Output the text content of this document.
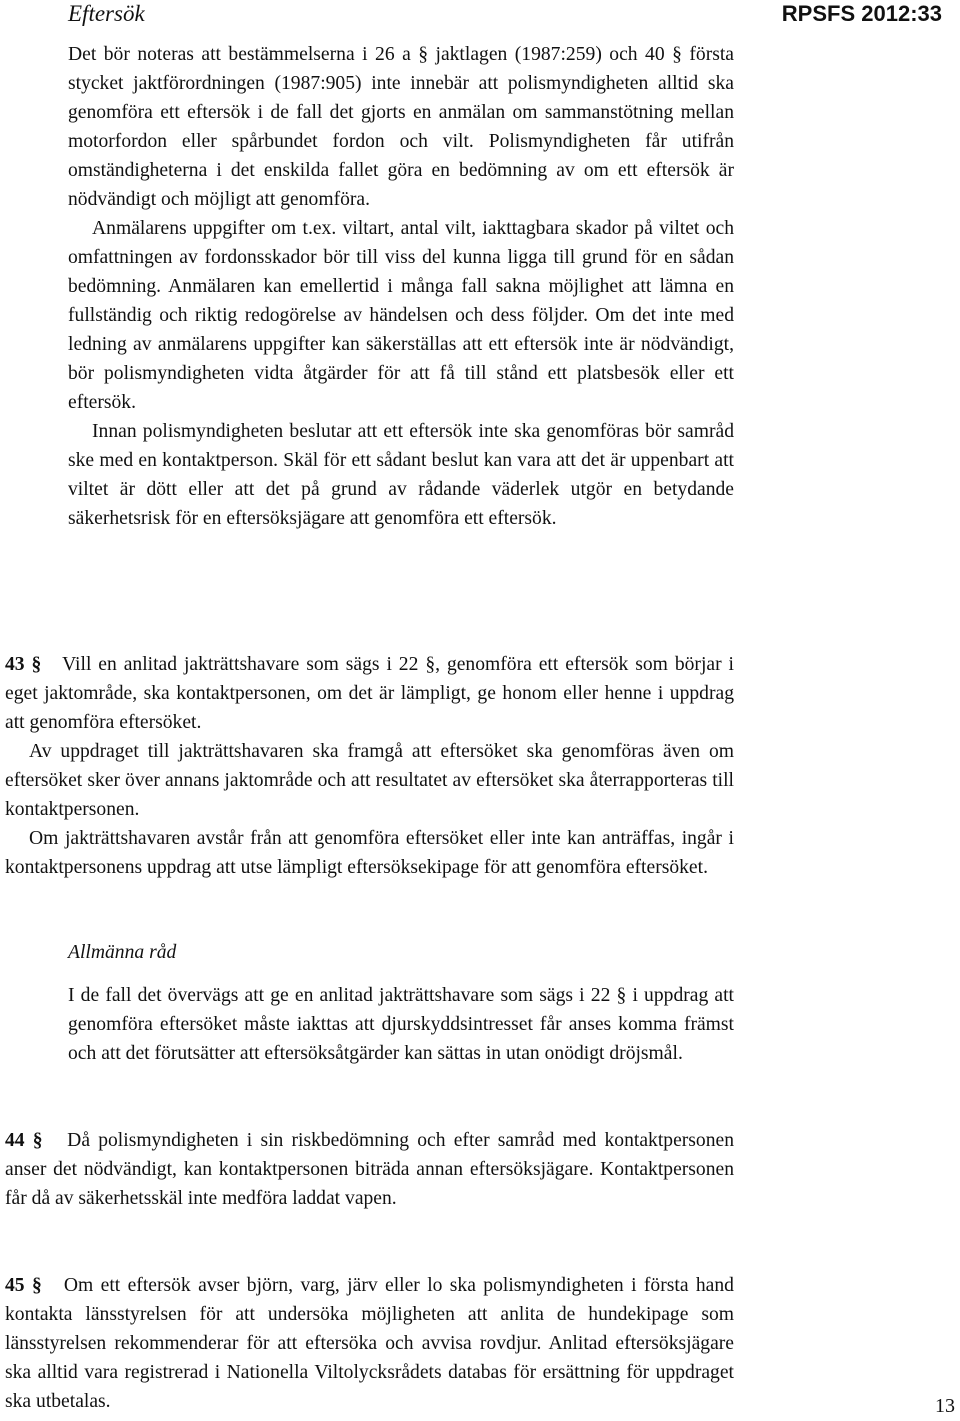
Eftersök	RPSFS 2012:33

Det bör noteras att bestämmelserna i 26 a § jaktlagen (1987:259) och 40 § första stycket jaktförordningen (1987:905) inte innebär att polismyndigheten alltid ska genomföra ett eftersök i de fall det gjorts en anmälan om sammanstötning mellan motorfordon eller spårbundet fordon och vilt. Polismyndigheten får utifrån omständigheterna i det enskilda fallet göra en bedömning av om ett eftersök är nödvändigt och möjligt att genomföra.

Anmälarens uppgifter om t.ex. viltart, antal vilt, iakttagbara skador på viltet och omfattningen av fordonsskador bör till viss del kunna ligga till grund för en sådan bedömning. Anmälaren kan emellertid i många fall sakna möjlighet att lämna en fullständig och riktig redogörelse av händelsen och dess följder. Om det inte med ledning av anmälarens uppgifter kan säkerställas att ett eftersök inte är nödvändigt, bör polismyndigheten vidta åtgärder för att få till stånd ett platsbesök eller ett eftersök.

Innan polismyndigheten beslutar att ett eftersök inte ska genomföras bör samråd ske med en kontaktperson. Skäl för ett sådant beslut kan vara att det är uppenbart att viltet är dött eller att det på grund av rådande väderlek utgör en betydande säkerhetsrisk för en eftersöksjägare att genomföra ett eftersök.

43 § Vill en anlitad jakträttshavare som sägs i 22 §, genomföra ett eftersök som börjar i eget jaktområde, ska kontaktpersonen, om det är lämpligt, ge honom eller henne i uppdrag att genomföra eftersöket.

Av uppdraget till jakträttshavaren ska framgå att eftersöket ska genomföras även om eftersöket sker över annans jaktområde och att resultatet av eftersöket ska återrapporteras till kontaktpersonen.

Om jakträttshavaren avstår från att genomföra eftersöket eller inte kan anträffas, ingår i kontaktpersonens uppdrag att utse lämpligt eftersöksekipage för att genomföra eftersöket.

Allmänna råd

I de fall det övervägs att ge en anlitad jakträttshavare som sägs i 22 § i uppdrag att genomföra eftersöket måste iakttas att djurskyddsintresset får anses komma främst och att det förutsätter att eftersöksåtgärder kan sättas in utan onödigt dröjsmål.

44 § Då polismyndigheten i sin riskbedömning och efter samråd med kontaktpersonen anser det nödvändigt, kan kontaktpersonen biträda annan eftersöksjägare. Kontaktpersonen får då av säkerhetsskäl inte medföra laddat vapen.

45 § Om ett eftersök avser björn, varg, järv eller lo ska polismyndigheten i första hand kontakta länsstyrelsen för att undersöka möjligheten att anlita de hundekipage som länsstyrelsen rekommenderar för att eftersöka och avvisa rovdjur. Anlitad eftersöksjägare ska alltid vara registrerad i Nationella Viltolycksrådets databas för ersättning för uppdraget ska utbetalas.	13
